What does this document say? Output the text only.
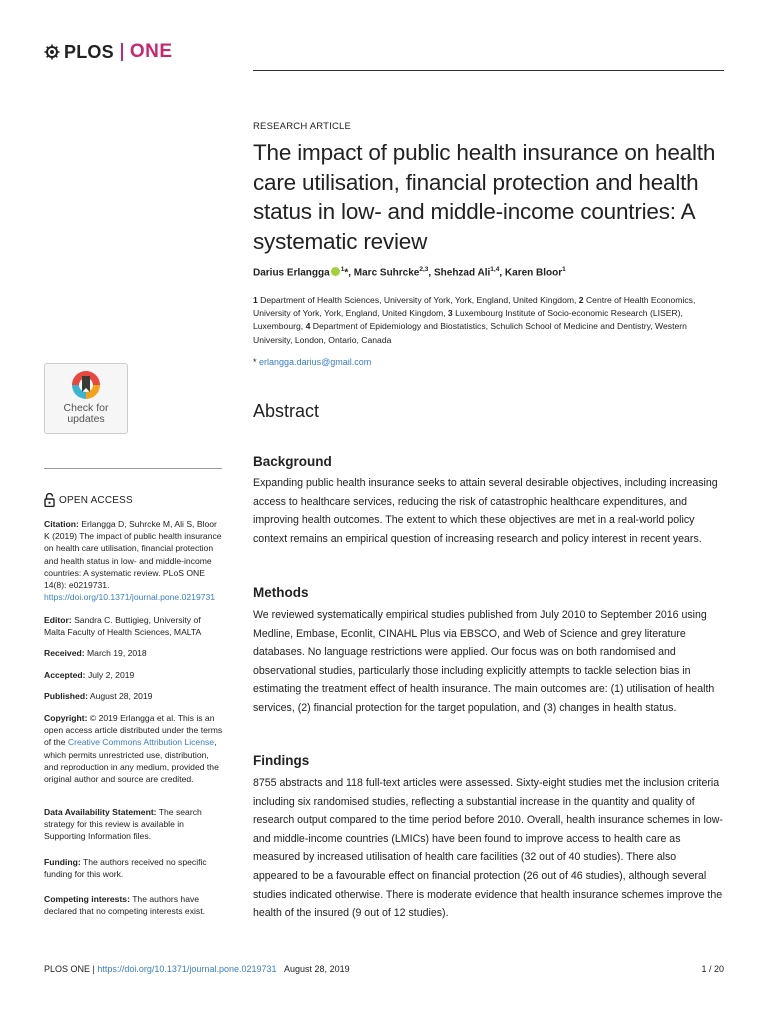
PLOS ONE
Check for updates
OPEN ACCESS
Citation: Erlangga D, Suhrcke M, Ali S, Bloor K (2019) The impact of public health insurance on health care utilisation, financial protection and health status in low- and middle-income countries: A systematic review. PLoS ONE 14(8): e0219731. https://doi.org/10.1371/journal.pone.0219731
Editor: Sandra C. Buttigieg, University of Malta Faculty of Health Sciences, MALTA
Received: March 19, 2018
Accepted: July 2, 2019
Published: August 28, 2019
Copyright: © 2019 Erlangga et al. This is an open access article distributed under the terms of the Creative Commons Attribution License, which permits unrestricted use, distribution, and reproduction in any medium, provided the original author and source are credited.
Data Availability Statement: The search strategy for this review is available in Supporting Information files.
Funding: The authors received no specific funding for this work.
Competing interests: The authors have declared that no competing interests exist.
RESEARCH ARTICLE
The impact of public health insurance on health care utilisation, financial protection and health status in low- and middle-income countries: A systematic review
Darius Erlangga $^1$*, Marc Suhrcke$^{2,3}$, Shehzad Ali$^{1,4}$, Karen Bloor$^1$
1 Department of Health Sciences, University of York, York, England, United Kingdom, 2 Centre of Health Economics, University of York, York, England, United Kingdom, 3 Luxembourg Institute of Socio-economic Research (LISER), Luxembourg, 4 Department of Epidemiology and Biostatistics, Schulich School of Medicine and Dentistry, Western University, London, Ontario, Canada
* erlangga.darius@gmail.com
Abstract
Background
Expanding public health insurance seeks to attain several desirable objectives, including increasing access to healthcare services, reducing the risk of catastrophic healthcare expenditures, and improving health outcomes. The extent to which these objectives are met in a real-world policy context remains an empirical question of increasing research and policy interest in recent years.
Methods
We reviewed systematically empirical studies published from July 2010 to September 2016 using Medline, Embase, Econlit, CINAHL Plus via EBSCO, and Web of Science and grey literature databases. No language restrictions were applied. Our focus was on both randomised and observational studies, particularly those including explicitly attempts to tackle selection bias in estimating the treatment effect of health insurance. The main outcomes are: (1) utilisation of health services, (2) financial protection for the target population, and (3) changes in health status.
Findings
8755 abstracts and 118 full-text articles were assessed. Sixty-eight studies met the inclusion criteria including six randomised studies, reflecting a substantial increase in the quantity and quality of research output compared to the time period before 2010. Overall, health insurance schemes in low- and middle-income countries (LMICs) have been found to improve access to health care as measured by increased utilisation of health care facilities (32 out of 40 studies). There also appeared to be a favourable effect on financial protection (26 out of 46 studies), although several studies indicated otherwise. There is moderate evidence that health insurance schemes improve the health of the insured (9 out of 12 studies).
PLOS ONE | https://doi.org/10.1371/journal.pone.0219731 August 28, 2019	1 / 20
